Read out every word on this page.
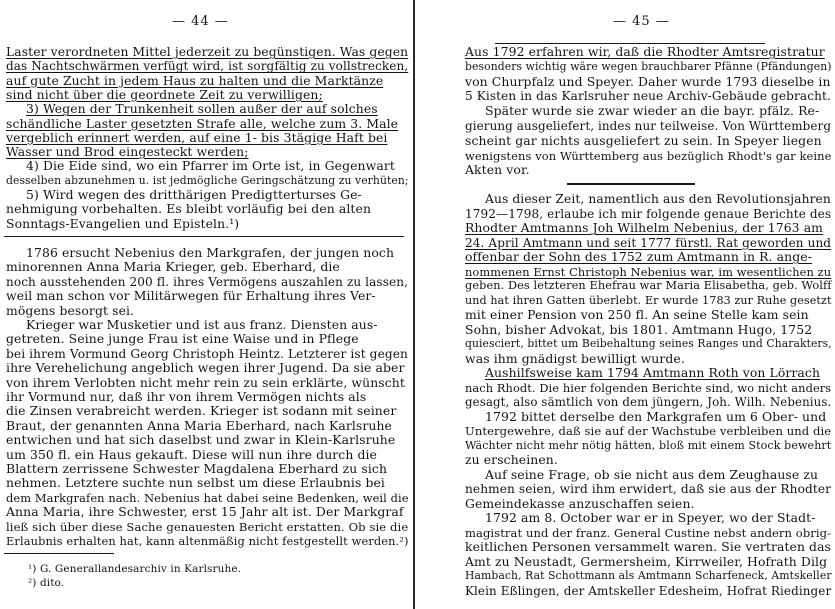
— 44 —
Laster verordneten Mittel jederzeit zu begünstigen. Was gegen
das Nachtschwärmen verfügt wird, ist sorgfältig zu vollstrecken,
auf gute Zucht in jedem Haus zu halten und die Marktänze
sind nicht über die geordnete Zeit zu verwilligen;
3) Wegen der Trunkenheit sollen außer der auf solches
schändliche Laster gesetzten Strafe alle, welche zum 3. Male
vergeblich erinnert werden, auf eine 1- bis 3tägige Haft bei
Wasser und Brod eingesteckt werden;
4) Die Eide sind, wo ein Pfarrer im Orte ist, in Gegenwart
desselben abzunehmen u. ist jedmögliche Geringschätzung zu verhüten;
5) Wird wegen des dritthärigen Predigtterturses Ge-
nehmigung vorbehalten. Es bleibt vorläufig bei den alten
Sonntags-Evangelien und Episteln.¹)
1786 ersucht Nebenius den Markgrafen, der jungen noch
minorennen Anna Maria Krieger, geb. Eberhard, die
noch ausstehenden 200 fl. ihres Vermögens auszahlen zu lassen,
weil man schon vor Militärwegen für Erhaltung ihres Ver-
mögens besorgt sei.
Krieger war Musketier und ist aus franz. Diensten aus-
getreten. Seine junge Frau ist eine Waise und in Pflege
bei ihrem Vormund Georg Christoph Heintz. Letzterer ist gegen
ihre Verehelichung angeblich wegen ihrer Jugend. Da sie aber
von ihrem Verlobten nicht mehr rein zu sein erklärte, wünscht
ihr Vormund nur, daß ihr von ihrem Vermögen nichts als
die Zinsen verabreicht werden. Krieger ist sodann mit seiner
Braut, der genannten Anna Maria Eberhard, nach Karlsruhe
entwichen und hat sich daselbst und zwar in Klein-Karlsruhe
um 350 fl. ein Haus gekauft. Diese will nun ihre durch die
Blattern zerrissene Schwester Magdalena Eberhard zu sich
nehmen. Letztere suchte nun selbst um diese Erlaubnis bei
dem Markgrafen nach. Nebenius hat dabei seine Bedenken, weil die
Anna Maria, ihre Schwester, erst 15 Jahr alt ist. Der Markgraf
ließ sich über diese Sache genauesten Bericht erstatten. Ob sie die
Erlaubnis erhalten hat, kann altenmäßig nicht festgestellt werden.²)
¹) G. Generallandesarchiv in Karlsruhe.
²) dito.
— 45 —
Aus 1792 erfahren wir, daß die Rhodter Amtsregistratur
besonders wichtig wäre wegen brauchbarer Pfänne (Pfändungen)
von Churpfalz und Speyer. Daher wurde 1793 dieselbe in
5 Kisten in das Karlsruher neue Archiv-Gebäude gebracht.
Später wurde sie zwar wieder an die bayr. pfälz. Re-
gierung ausgeliefert, indes nur teilweise. Von Württemberg
scheint gar nichts ausgeliefert zu sein. In Speyer liegen
wenigstens von Württemberg aus bezüglich Rhodt's gar keine
Akten vor.
Aus dieser Zeit, namentlich aus den Revolutionsjahren
1792—1798, erlaube ich mir folgende genaue Berichte des
Rhodter Amtmanns Joh Wilhelm Nebenius, der 1763 am
24. April Amtmann und seit 1777 fürstl. Rat geworden und
offenbar der Sohn des 1752 zum Amtmann in R. ange-
nommenen Ernst Christoph Nebenius war, im wesentlichen zu
geben. Des letzteren Ehefrau war Maria Elisabetha, geb. Wolff
und hat ihren Gatten überlebt. Er wurde 1783 zur Ruhe gesetzt
mit einer Pension von 250 fl. An seine Stelle kam sein
Sohn, bisher Advokat, bis 1801. Amtmann Hugo, 1752
quiesciert, bittet um Beibehaltung seines Ranges und Charakters,
was ihm gnädigst bewilligt wurde.
Aushilfsweise kam 1794 Amtmann Roth von Lörrach
nach Rhodt. Die hier folgenden Berichte sind, wo nicht anders
gesagt, also sämtlich von dem jüngern, Joh. Wilh. Nebenius.
1792 bittet derselbe den Markgrafen um 6 Ober- und
Untergewehre, daß sie auf der Wachstube verbleiben und die
Wächter nicht mehr nötig hätten, bloß mit einem Stock bewehrt
zu erscheinen.
Auf seine Frage, ob sie nicht aus dem Zeughause zu
nehmen seien, wird ihm erwidert, daß sie aus der Rhodter
Gemeindekasse anzuschaffen seien.
1792 am 8. October war er in Speyer, wo der Stadt-
magistrat und der franz. General Custine nebst andern obrig-
keitlichen Personen versammelt waren. Sie vertraten das
Amt zu Neustadt, Germersheim, Kirrweiler, Hofrath Dilg
Hambach, Rat Schottmann als Amtmann Scharfeneck, Amtskeller
Klein Eßlingen, der Amtskeller Edesheim, Hofrat Riedinger
